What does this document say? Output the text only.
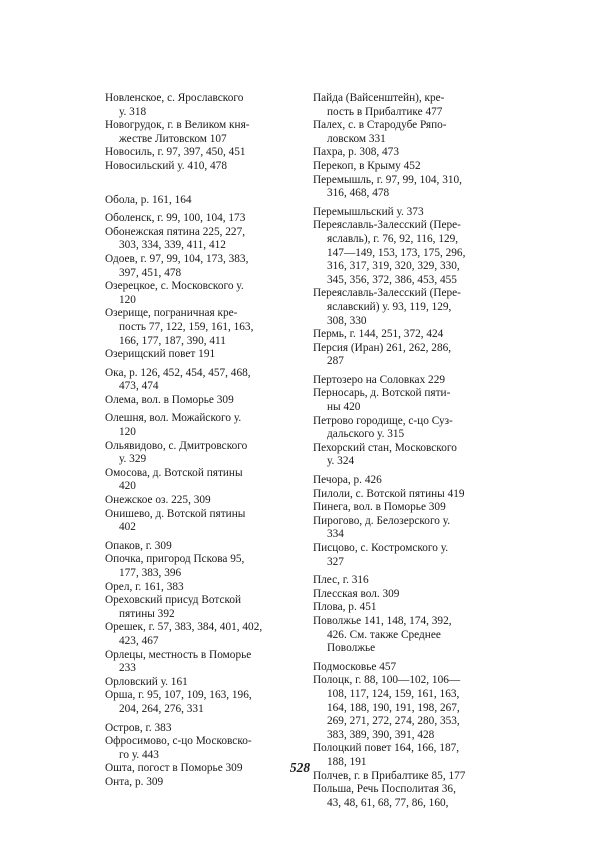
Новленское, с. Ярославского
у. 318
Новогрудок, г. в Великом кня-
жестве Литовском 107
Новосиль, г. 97, 397, 450, 451
Новосильский у. 410, 478
Обола, р. 161, 164
Оболенск, г. 99, 100, 104, 173
Обонежская пятина 225, 227,
303, 334, 339, 411, 412
Одоев, г. 97, 99, 104, 173, 383,
397, 451, 478
Озерецкое, с. Московского у.
120
Озерище, пограничная кре-
пость 77, 122, 159, 161, 163,
166, 177, 187, 390, 411
Озерищский повет 191
Ока, р. 126, 452, 454, 457, 468,
473, 474
Олема, вол. в Поморье 309
Олешня, вол. Можайского у.
120
Ольявидово, с. Дмитровского
у. 329
Омосова, д. Вотской пятины
420
Онежское оз. 225, 309
Онишево, д. Вотской пятины
402
Опаков, г. 309
Опочка, пригород Пскова 95,
177, 383, 396
Орел, г. 161, 383
Ореховский присуд Вотской
пятины 392
Орешек, г. 57, 383, 384, 401, 402,
423, 467
Орлецы, местность в Поморье
233
Орловский у. 161
Орша, г. 95, 107, 109, 163, 196,
204, 264, 276, 331
Остров, г. 383
Офросимово, с-цо Московско-
го у. 443
Ошта, погост в Поморье 309
Онта, р. 309
Пайда (Вайсенштейн), кре-
пость в Прибалтике 477
Палех, с. в Стародубе Ряпо-
ловском 331
Пахра, р. 308, 473
Перекоп, в Крыму 452
Перемышль, г. 97, 99, 104, 310,
316, 468, 478
Перемышльский у. 373
Переяславль-Залесский (Пере-
яславль), г. 76, 92, 116, 129,
147—149, 153, 173, 175, 296,
316, 317, 319, 320, 329, 330,
345, 356, 372, 386, 453, 455
Переяславль-Залесский (Пере-
яславский) у. 93, 119, 129,
308, 330
Пермь, г. 144, 251, 372, 424
Персия (Иран) 261, 262, 286,
287
Пертозеро на Соловках 229
Перносарь, д. Вотской пяти-
ны 420
Петрово городище, с-цо Суз-
дальского у. 315
Пехорский стан, Московского
у. 324
Печора, р. 426
Пилоли, с. Вотской пятины 419
Пинега, вол. в Поморье 309
Пирогово, д. Белозерского у.
334
Писцово, с. Костромского у.
327
Плес, г. 316
Плесская вол. 309
Плова, р. 451
Поволжье 141, 148, 174, 392,
426. См. также Среднее
Поволжье
Подмосковье 457
Полоцк, г. 88, 100—102, 106—
108, 117, 124, 159, 161, 163,
164, 188, 190, 191, 198, 267,
269, 271, 272, 274, 280, 353,
383, 389, 390, 391, 428
Полоцкий повет 164, 166, 187,
188, 191
Полчев, г. в Прибалтике 85, 177
Польша, Речь Посполитая 36,
43, 48, 61, 68, 77, 86, 160,
528
